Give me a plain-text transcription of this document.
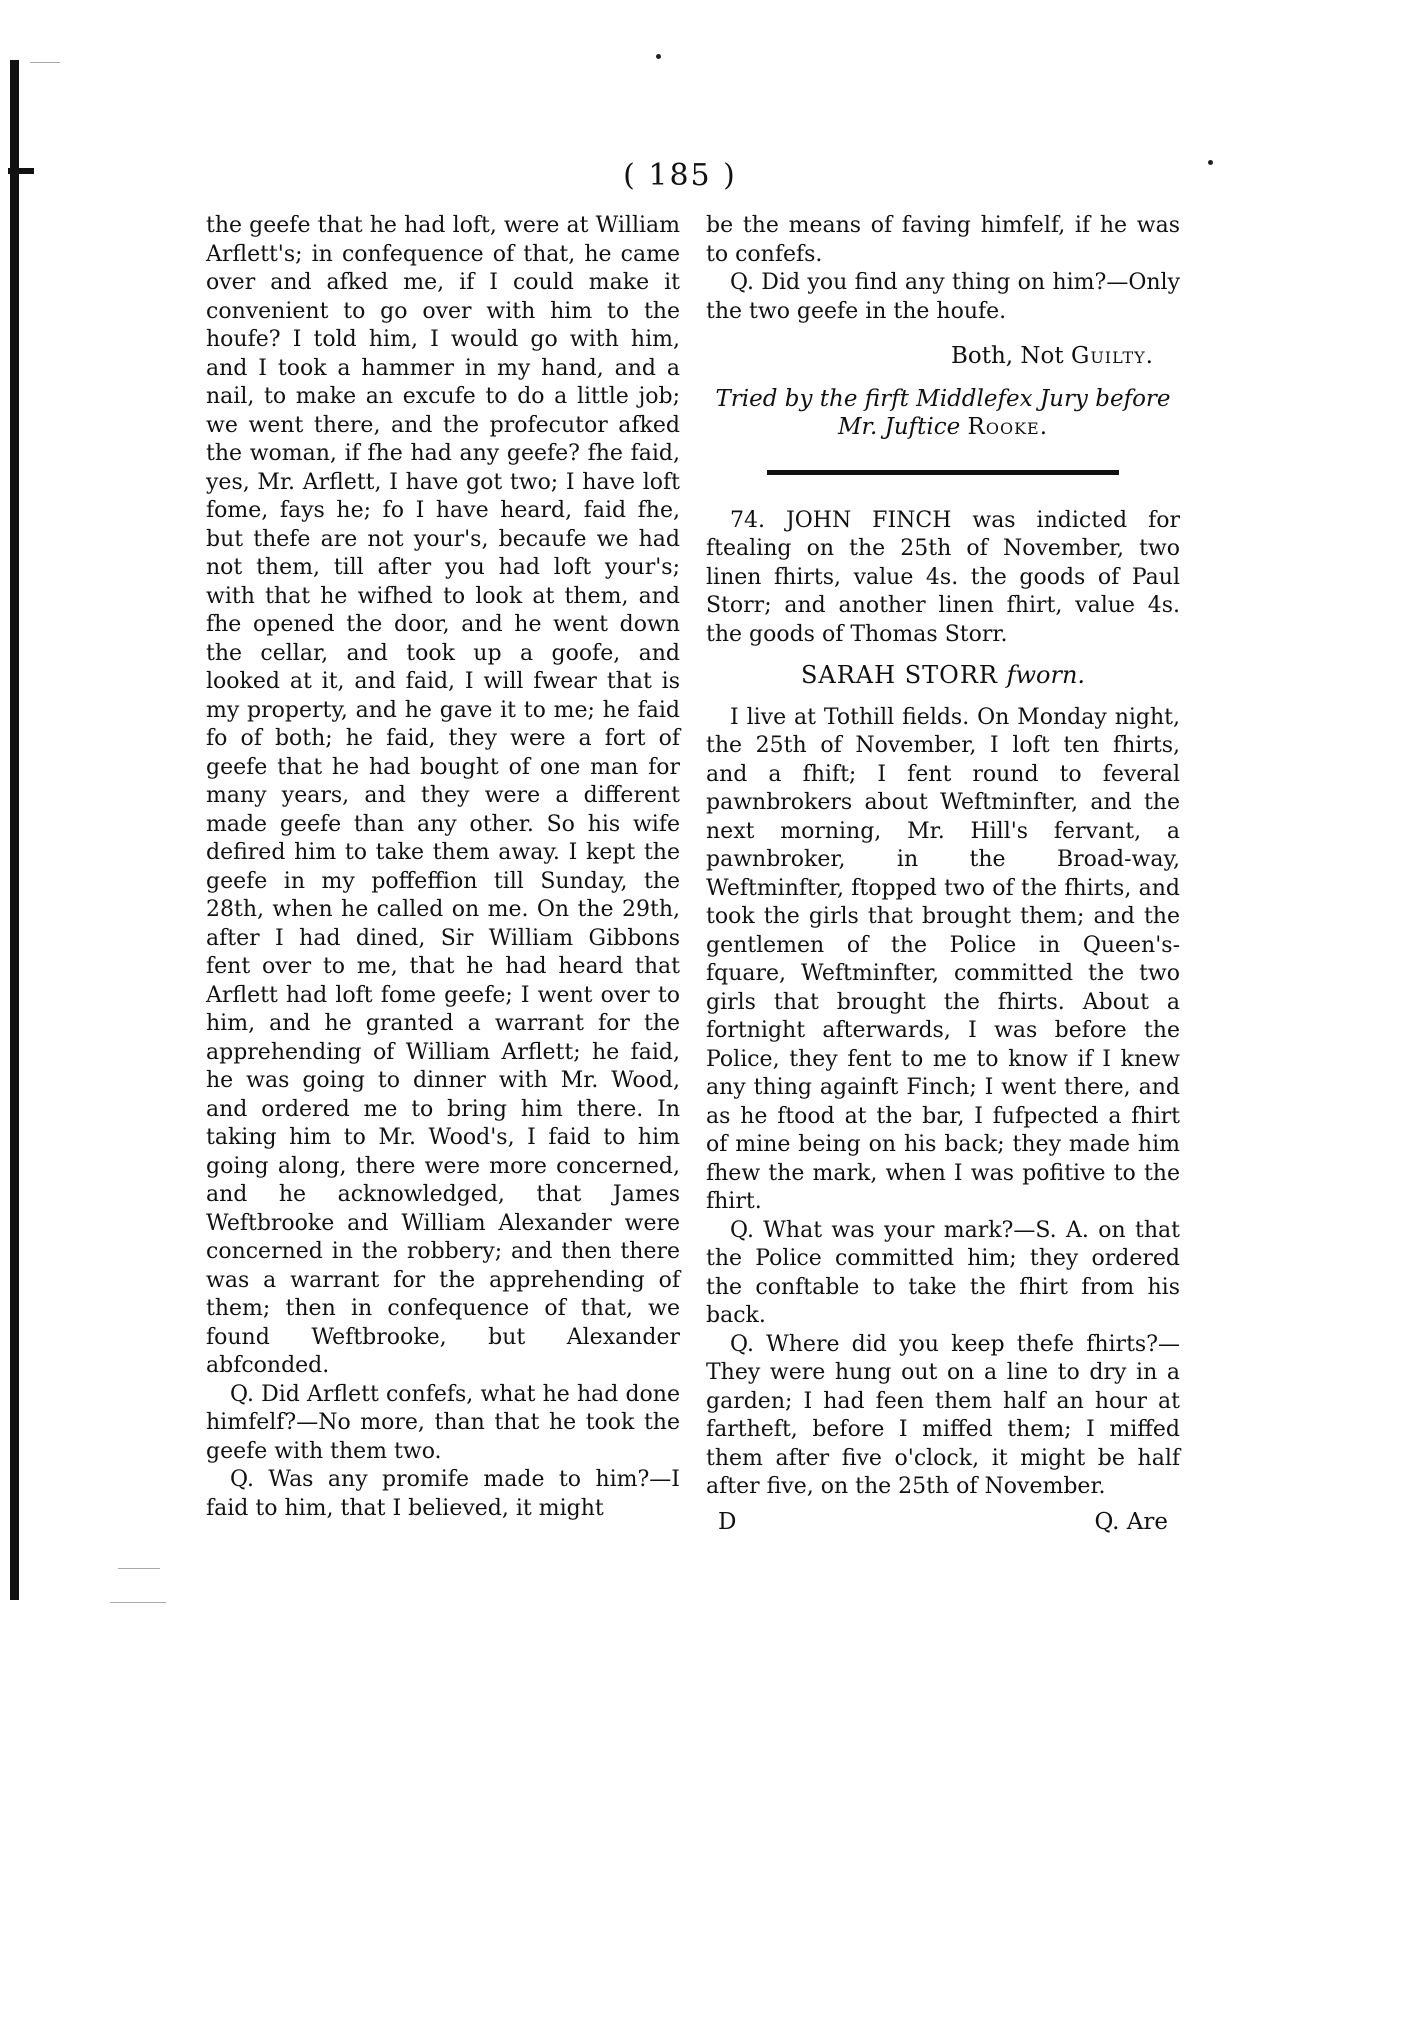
( 185 )

the geefe that he had loft, were at William Arflett's; in confequence of that, he came over and afked me, if I could make it convenient to go over with him to the houfe? I told him, I would go with him, and I took a hammer in my hand, and a nail, to make an excufe to do a little job; we went there, and the profecutor afked the woman, if fhe had any geefe? fhe faid, yes, Mr. Arflett, I have got two; I have loft fome, fays he; fo I have heard, faid fhe, but thefe are not your's, becaufe we had not them, till after you had loft your's; with that he wifhed to look at them, and fhe opened the door, and he went down the cellar, and took up a goofe, and looked at it, and faid, I will fwear that is my property, and he gave it to me; he faid fo of both; he faid, they were a fort of geefe that he had bought of one man for many years, and they were a different made geefe than any other. So his wife defired him to take them away. I kept the geefe in my poffeffion till Sunday, the 28th, when he called on me. On the 29th, after I had dined, Sir William Gibbons fent over to me, that he had heard that Arflett had loft fome geefe; I went over to him, and he granted a warrant for the apprehending of William Arflett; he faid, he was going to dinner with Mr. Wood, and ordered me to bring him there. In taking him to Mr. Wood's, I faid to him going along, there were more concerned, and he acknowledged, that James Weftbrooke and William Alexander were concerned in the robbery; and then there was a warrant for the apprehending of them; then in confequence of that, we found Weftbrooke, but Alexander abfconded.

Q. Did Arflett confefs, what he had done himfelf?—No more, than that he took the geefe with them two.

Q. Was any promife made to him?—I faid to him, that I believed, it might

be the means of faving himfelf, if he was to confefs.

Q. Did you find any thing on him?—Only the two geefe in the houfe.

Both, Not Guilty.

Tried by the firft Middlefex Jury before

Mr. Juftice Rooke.

74. JOHN FINCH was indicted for ftealing on the 25th of November, two linen fhirts, value 4s. the goods of Paul Storr; and another linen fhirt, value 4s. the goods of Thomas Storr.

SARAH STORR fworn.

I live at Tothill fields. On Monday night, the 25th of November, I loft ten fhirts, and a fhift; I fent round to feveral pawnbrokers about Weftminfter, and the next morning, Mr. Hill's fervant, a pawnbroker, in the Broad-way, Weftminfter, ftopped two of the fhirts, and took the girls that brought them; and the gentlemen of the Police in Queen's-fquare, Weftminfter, committed the two girls that brought the fhirts. About a fortnight afterwards, I was before the Police, they fent to me to know if I knew any thing againft Finch; I went there, and as he ftood at the bar, I fufpected a fhirt of mine being on his back; they made him fhew the mark, when I was pofitive to the fhirt.

Q. What was your mark?—S. A. on that the Police committed him; they ordered the conftable to take the fhirt from his back.

Q. Where did you keep thefe fhirts?—They were hung out on a line to dry in a garden; I had feen them half an hour at fartheft, before I miffed them; I miffed them after five o'clock, it might be half after five, on the 25th of November.

D	Q. Are
